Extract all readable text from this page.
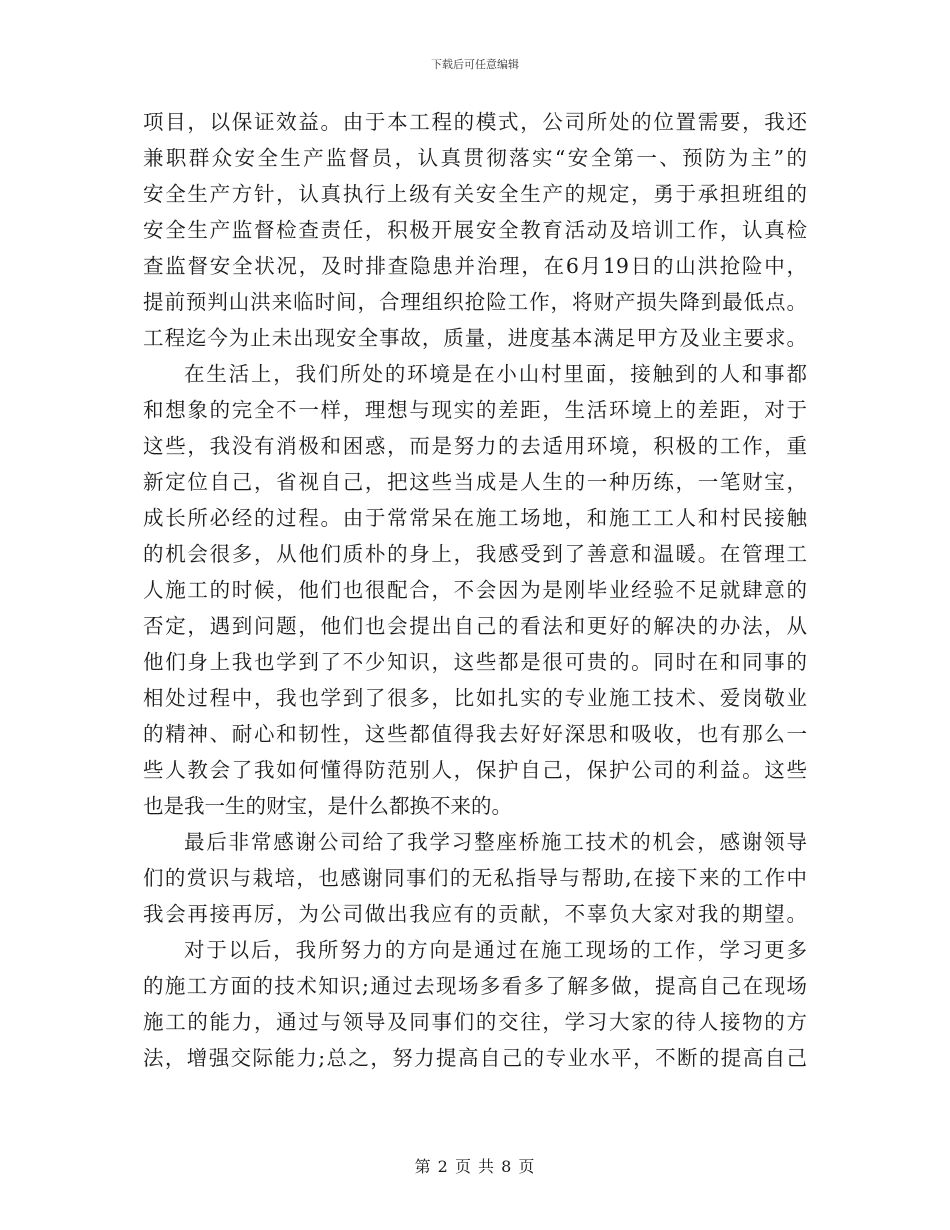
下载后可任意编辑
项目，以保证效益。由于本工程的模式，公司所处的位置需要，我还
兼职群众安全生产监督员，认真贯彻落实“安全第一、预防为主”的
安全生产方针，认真执行上级有关安全生产的规定，勇于承担班组的
安全生产监督检查责任，积极开展安全教育活动及培训工作，认真检
查监督安全状况，及时排查隐患并治理，在6月19日的山洪抢险中，
提前预判山洪来临时间，合理组织抢险工作，将财产损失降到最低点。
工程迄今为止未出现安全事故，质量，进度基本满足甲方及业主要求。
在生活上，我们所处的环境是在小山村里面，接触到的人和事都
和想象的完全不一样，理想与现实的差距，生活环境上的差距，对于
这些，我没有消极和困惑，而是努力的去适用环境，积极的工作，重
新定位自己，省视自己，把这些当成是人生的一种历练，一笔财宝，
成长所必经的过程。由于常常呆在施工场地，和施工工人和村民接触
的机会很多，从他们质朴的身上，我感受到了善意和温暖。在管理工
人施工的时候，他们也很配合，不会因为是刚毕业经验不足就肆意的
否定，遇到问题，他们也会提出自己的看法和更好的解决的办法，从
他们身上我也学到了不少知识，这些都是很可贵的。同时在和同事的
相处过程中，我也学到了很多，比如扎实的专业施工技术、爱岗敬业
的精神、耐心和韧性，这些都值得我去好好深思和吸收，也有那么一
些人教会了我如何懂得防范别人，保护自己，保护公司的利益。这些
也是我一生的财宝，是什么都换不来的。
最后非常感谢公司给了我学习整座桥施工技术的机会，感谢领导
们的赏识与栽培，也感谢同事们的无私指导与帮助,在接下来的工作中
我会再接再厉，为公司做出我应有的贡献，不辜负大家对我的期望。
对于以后，我所努力的方向是通过在施工现场的工作，学习更多
的施工方面的技术知识;通过去现场多看多了解多做，提高自己在现场
施工的能力，通过与领导及同事们的交往，学习大家的待人接物的方
法，增强交际能力;总之，努力提高自己的专业水平，不断的提高自己
第 2 页 共 8 页
